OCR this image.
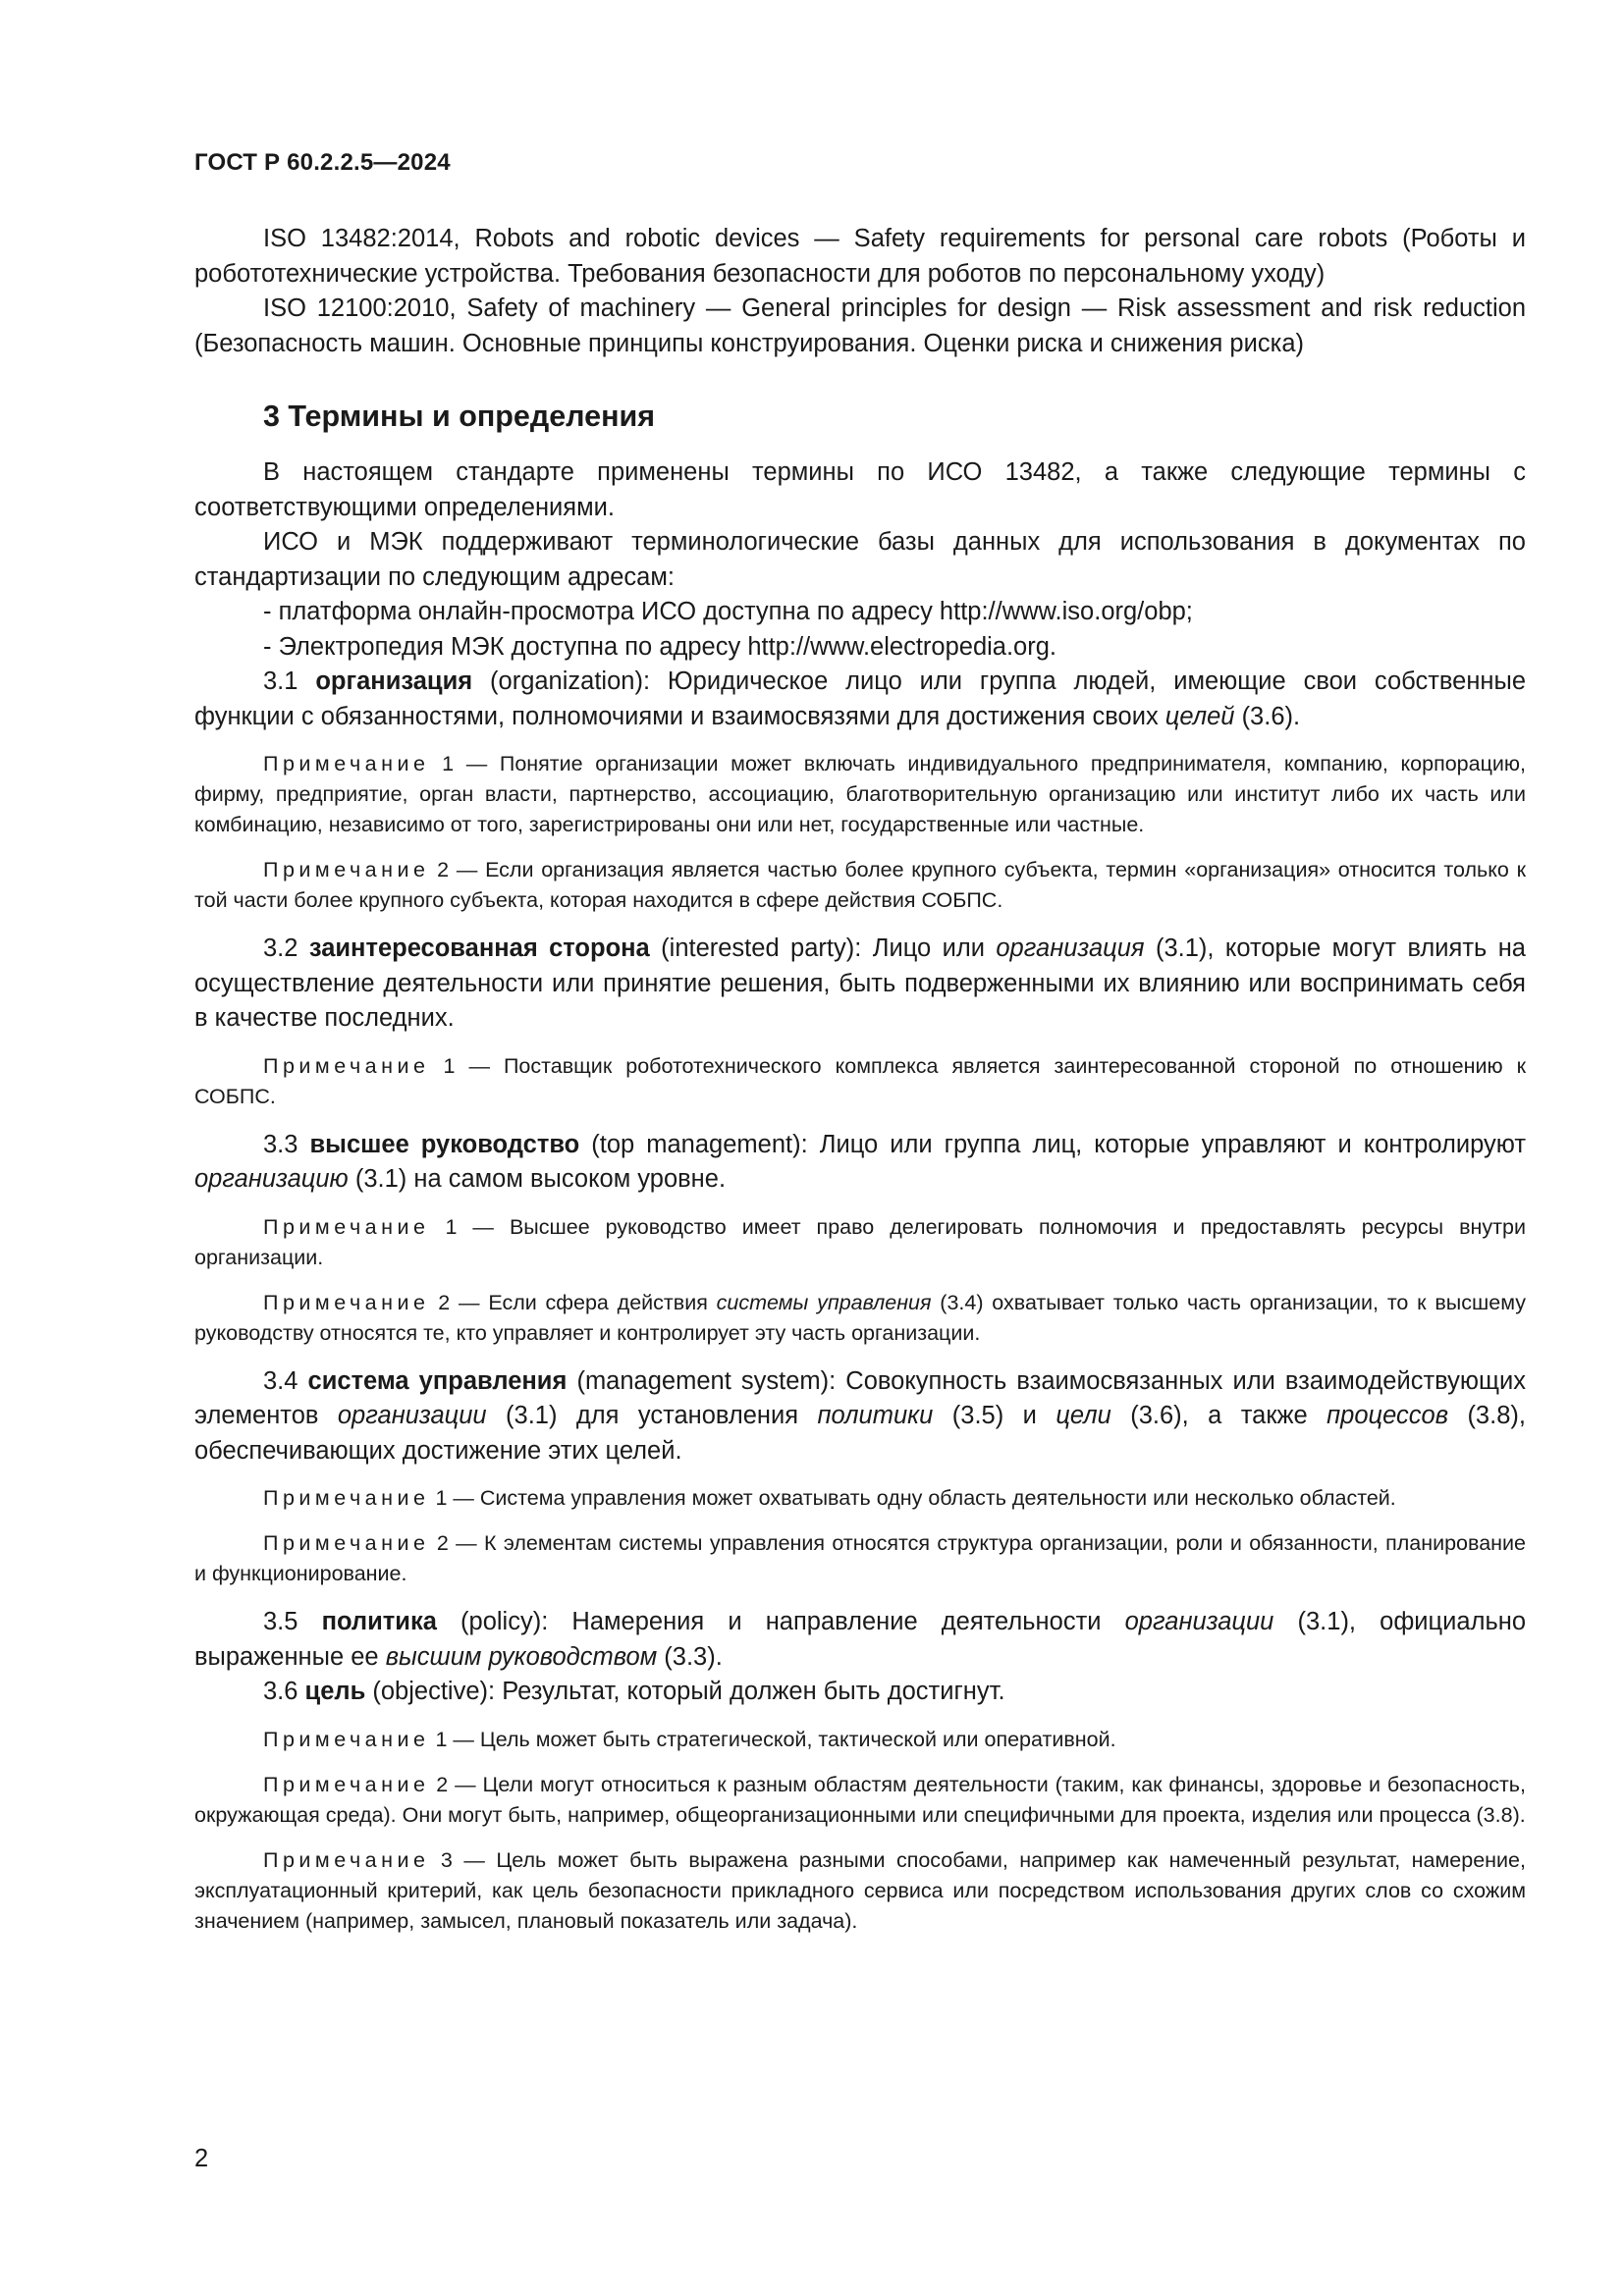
ГОСТ Р 60.2.2.5—2024

ISO 13482:2014, Robots and robotic devices — Safety requirements for personal care robots (Роботы и робототехнические устройства. Требования безопасности для роботов по персональному уходу)

ISO 12100:2010, Safety of machinery — General principles for design — Risk assessment and risk reduction (Безопасность машин. Основные принципы конструирования. Оценки риска и снижения риска)

3 Термины и определения

В настоящем стандарте применены термины по ИСО 13482, а также следующие термины с соответствующими определениями.

ИСО и МЭК поддерживают терминологические базы данных для использования в документах по стандартизации по следующим адресам:

- платформа онлайн-просмотра ИСО доступна по адресу http://www.iso.org/obp;

- Электропедия МЭК доступна по адресу http://www.electropedia.org.

3.1 организация (organization): Юридическое лицо или группа людей, имеющие свои собственные функции с обязанностями, полномочиями и взаимосвязями для достижения своих целей (3.6).

Примечание 1 — Понятие организации может включать индивидуального предпринимателя, компанию, корпорацию, фирму, предприятие, орган власти, партнерство, ассоциацию, благотворительную организацию или институт либо их часть или комбинацию, независимо от того, зарегистрированы они или нет, государственные или частные.

Примечание 2 — Если организация является частью более крупного субъекта, термин «организация» относится только к той части более крупного субъекта, которая находится в сфере действия СОБПС.

3.2 заинтересованная сторона (interested party): Лицо или организация (3.1), которые могут влиять на осуществление деятельности или принятие решения, быть подверженными их влиянию или воспринимать себя в качестве последних.

Примечание 1 — Поставщик робототехнического комплекса является заинтересованной стороной по отношению к СОБПС.

3.3 высшее руководство (top management): Лицо или группа лиц, которые управляют и контролируют организацию (3.1) на самом высоком уровне.

Примечание 1 — Высшее руководство имеет право делегировать полномочия и предоставлять ресурсы внутри организации.

Примечание 2 — Если сфера действия системы управления (3.4) охватывает только часть организации, то к высшему руководству относятся те, кто управляет и контролирует эту часть организации.

3.4 система управления (management system): Совокупность взаимосвязанных или взаимодействующих элементов организации (3.1) для установления политики (3.5) и цели (3.6), а также процессов (3.8), обеспечивающих достижение этих целей.

Примечание 1 — Система управления может охватывать одну область деятельности или несколько областей.

Примечание 2 — К элементам системы управления относятся структура организации, роли и обязанности, планирование и функционирование.

3.5 политика (policy): Намерения и направление деятельности организации (3.1), официально выраженные ее высшим руководством (3.3).

3.6 цель (objective): Результат, который должен быть достигнут.

Примечание 1 — Цель может быть стратегической, тактической или оперативной.

Примечание 2 — Цели могут относиться к разным областям деятельности (таким, как финансы, здоровье и безопасность, окружающая среда). Они могут быть, например, общеорганизационными или специфичными для проекта, изделия или процесса (3.8).

Примечание 3 — Цель может быть выражена разными способами, например как намеченный результат, намерение, эксплуатационный критерий, как цель безопасности прикладного сервиса или посредством использования других слов со схожим значением (например, замысел, плановый показатель или задача).

2
